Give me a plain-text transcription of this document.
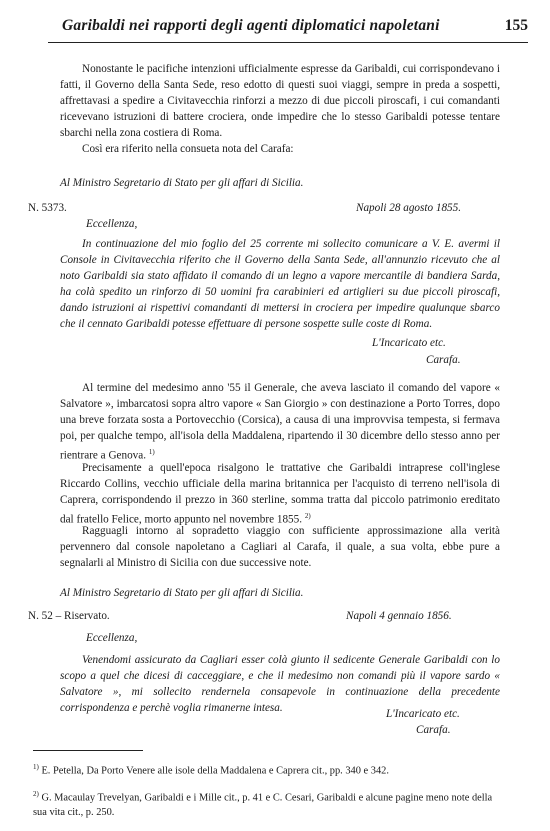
Garibaldi nei rapporti degli agenti diplomatici napoletani	155

Nonostante le pacifiche intenzioni ufficialmente espresse da Garibaldi, cui corrispondevano i fatti, il Governo della Santa Sede, reso edotto di questi suoi viaggi, sempre in preda a sospetti, affrettavasi a spedire a Civitavecchia rinforzi a mezzo di due piccoli piroscafi, i cui comandanti ricevevano istruzioni di battere crociera, onde impedire che lo stesso Garibaldi potesse tentare sbarchi nella zona costiera di Roma.

Così era riferito nella consueta nota del Carafa:

Al Ministro Segretario di Stato per gli affari di Sicilia.
N. 5373.	Napoli 28 agosto 1855.
Eccellenza,

In continuazione del mio foglio del 25 corrente mi sollecito comunicare a V. E. avermi il Console in Civitavecchia riferito che il Governo della Santa Sede, all'annunzio ricevuto che al noto Garibaldi sia stato affidato il comando di un legno a vapore mercantile di bandiera Sarda, ha colà spedito un rinforzo di 50 uomini fra carabinieri ed artiglieri su due piccoli piroscafi, dando istruzioni ai rispettivi comandanti di mettersi in crociera per impedire qualunque sbarco che il cennato Garibaldi potesse effettuare di persone sospette sulle coste di Roma.

L'Incaricato etc.
Carafa.

Al termine del medesimo anno '55 il Generale, che aveva lasciato il comando del vapore « Salvatore », imbarcatosi sopra altro vapore « San Giorgio » con destinazione a Porto Torres, dopo una breve forzata sosta a Portovecchio (Corsica), a causa di una improvvisa tempesta, si fermava poi, per qualche tempo, all'isola della Maddalena, ripartendo il 30 dicembre dello stesso anno per rientrare a Genova. $^{1)}$

Precisamente a quell'epoca risalgono le trattative che Garibaldi intraprese coll'inglese Riccardo Collins, vecchio ufficiale della marina britannica per l'acquisto di terreno nell'isola di Caprera, corrispondendo il prezzo in 360 sterline, somma tratta dal piccolo patrimonio ereditato dal fratello Felice, morto appunto nel novembre 1855. $^{2)}$

Ragguagli intorno al sopradetto viaggio con sufficiente approssimazione alla verità pervennero dal console napoletano a Cagliari al Carafa, il quale, a sua volta, ebbe pure a segnalarli al Ministro di Sicilia con due successive note.

Al Ministro Segretario di Stato per gli affari di Sicilia.
N. 52 – Riservato.	Napoli 4 gennaio 1856.
Eccellenza,

Venendomi assicurato da Cagliari esser colà giunto il sedicente Generale Garibaldi con lo scopo a quel che dicesi di cacceggiare, e che il medesimo non comandi più il vapore sardo « Salvatore », mi sollecito rendernela consapevole in continuazione della precedente corrispondenza e perchè voglia rimanerne intesa.	L'Incaricato etc.
Carafa.

$^{1)}$ E. Petella, Da Porto Venere alle isole della Maddalena e Caprera cit., pp. 340 e 342.

$^{2)}$ G. Macaulay Trevelyan, Garibaldi e i Mille cit., p. 41 e C. Cesari, Garibaldi e alcune pagine meno note della sua vita cit., p. 250.
